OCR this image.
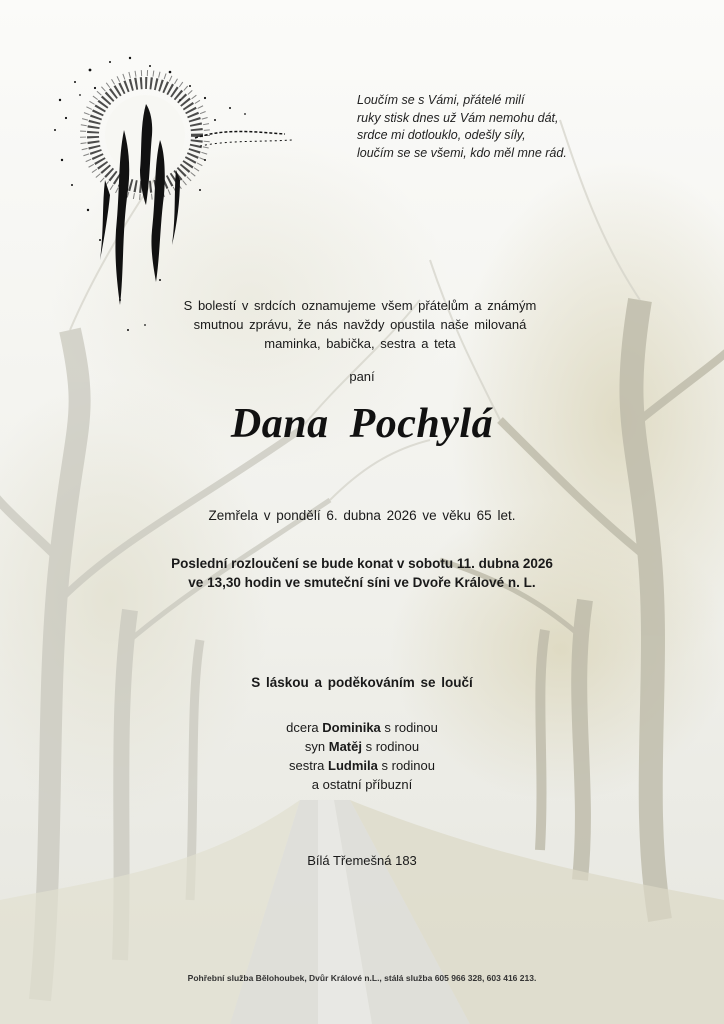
Loučím se s Vámi, přátelé milí
ruky stisk dnes už Vám nemohu dát,
srdce mi dotlouklo, odešly síly,
loučím se se všemi, kdo měl mne rád.
S bolestí v srdcích oznamujeme všem přátelům a známým
smutnou zprávu, že nás navždy opustila naše milovaná
maminka, babička, sestra a teta
paní
Dana Pochylá
Zemřela v pondělí 6. dubna 2026 ve věku 65 let.
Poslední rozloučení se bude konat v sobotu 11. dubna 2026
ve 13,30 hodin ve smuteční síni ve Dvoře Králové n. L.
S láskou a poděkováním se loučí
dcera Dominika s rodinou
syn Matěj s rodinou
sestra Ludmila s rodinou
a ostatní příbuzní
Bílá Třemešná 183
Pohřební služba Bělohoubek, Dvůr Králové n.L., stálá služba 605 966 328, 603 416 213.
